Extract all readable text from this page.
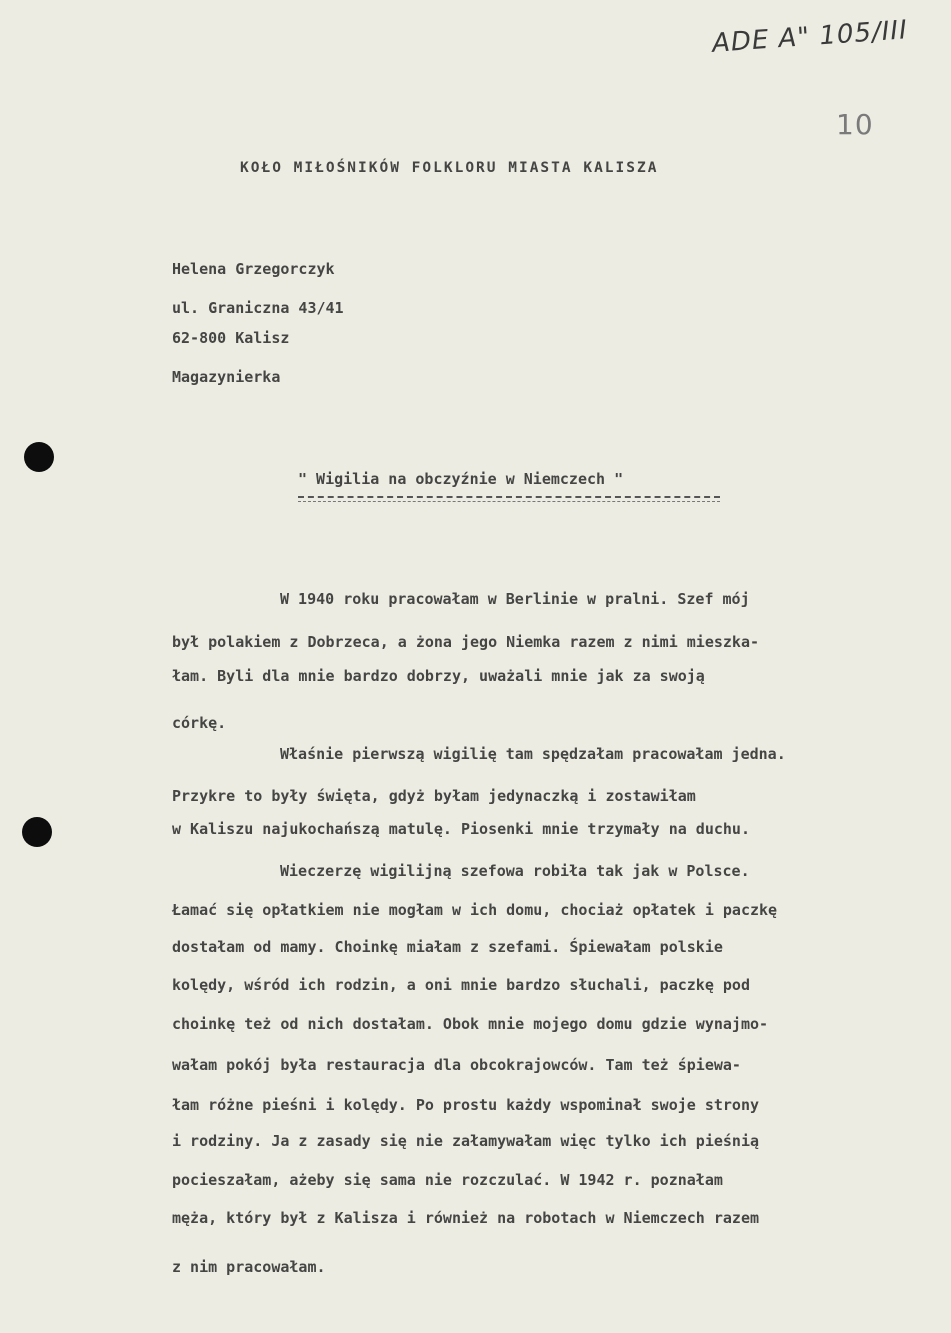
ADE A" 105/III
10
KOŁO MIŁOŚNIKÓW FOLKLORU MIASTA KALISZA
Helena Grzegorczyk
ul. Graniczna 43/41
62-800 Kalisz
Magazynierka
" Wigilia na obczyźnie w Niemczech "
W 1940 roku pracowałam w Berlinie w pralni. Szef mój
był polakiem z Dobrzeca, a żona jego Niemka razem z nimi mieszka-
łam. Byli dla mnie bardzo dobrzy, uważali mnie jak za swoją
córkę.
Właśnie pierwszą wigilię tam spędzałam pracowałam jedna.
Przykre to były święta, gdyż byłam jedynaczką i zostawiłam
w Kaliszu najukochańszą matulę. Piosenki mnie trzymały na duchu.
Wieczerzę wigilijną szefowa robiła tak jak w Polsce.
Łamać się opłatkiem nie mogłam w ich domu, chociaż opłatek i paczkę
dostałam od mamy. Choinkę miałam z szefami. Śpiewałam polskie
kolędy, wśród ich rodzin, a oni mnie bardzo słuchali, paczkę pod
choinkę też od nich dostałam. Obok mnie mojego domu gdzie wynajmo-
wałam pokój była restauracja dla obcokrajowców. Tam też śpiewa-
łam różne pieśni i kolędy. Po prostu każdy wspominał swoje strony
i rodziny. Ja z zasady się nie załamywałam więc tylko ich pieśnią
pocieszałam, ażeby się sama nie rozczulać. W 1942 r. poznałam
męża, który był z Kalisza i również na robotach w Niemczech razem
z nim pracowałam.
